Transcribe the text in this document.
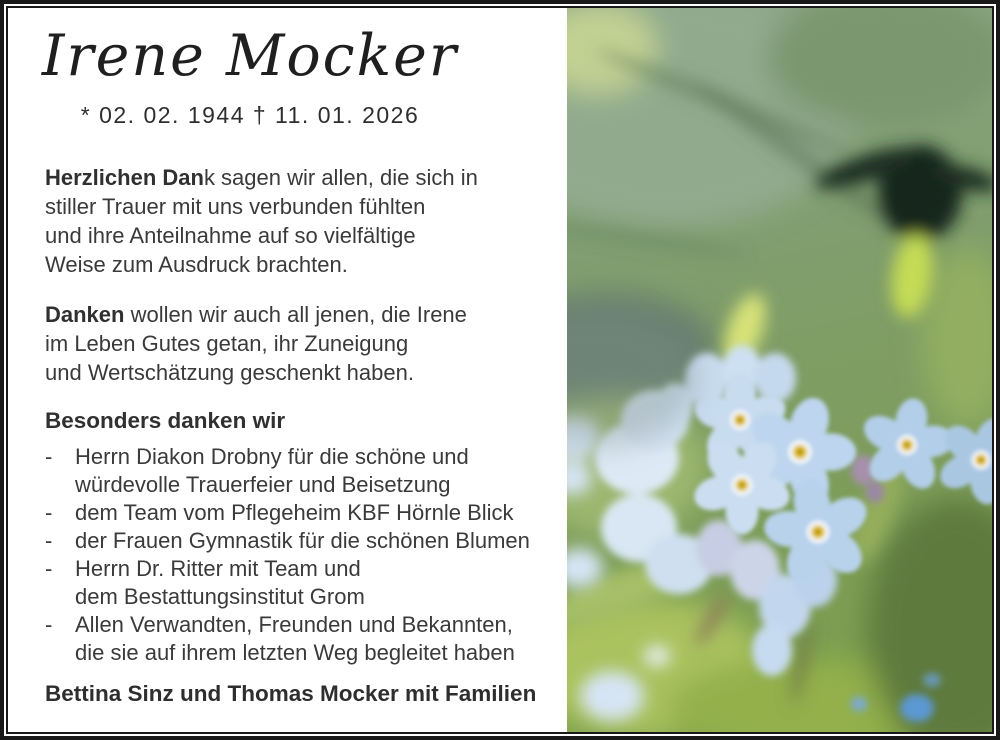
Irene Mocker
* 02. 02. 1944 † 11. 01. 2026

Herzlichen Dank sagen wir allen, die sich in
stiller Trauer mit uns verbunden fühlten
und ihre Anteilnahme auf so vielfältige
Weise zum Ausdruck brachten.

Danken wollen wir auch all jenen, die Irene
im Leben Gutes getan, ihr Zuneigung
und Wertschätzung geschenkt haben.

Besonders danken wir
- Herrn Diakon Drobny für die schöne und
würdevolle Trauerfeier und Beisetzung
- dem Team vom Pflegeheim KBF Hörnle Blick
- der Frauen Gymnastik für die schönen Blumen
- Herrn Dr. Ritter mit Team und
dem Bestattungsinstitut Grom
- Allen Verwandten, Freunden und Bekannten,
die sie auf ihrem letzten Weg begleitet haben
Bettina Sinz und Thomas Mocker mit Familien
